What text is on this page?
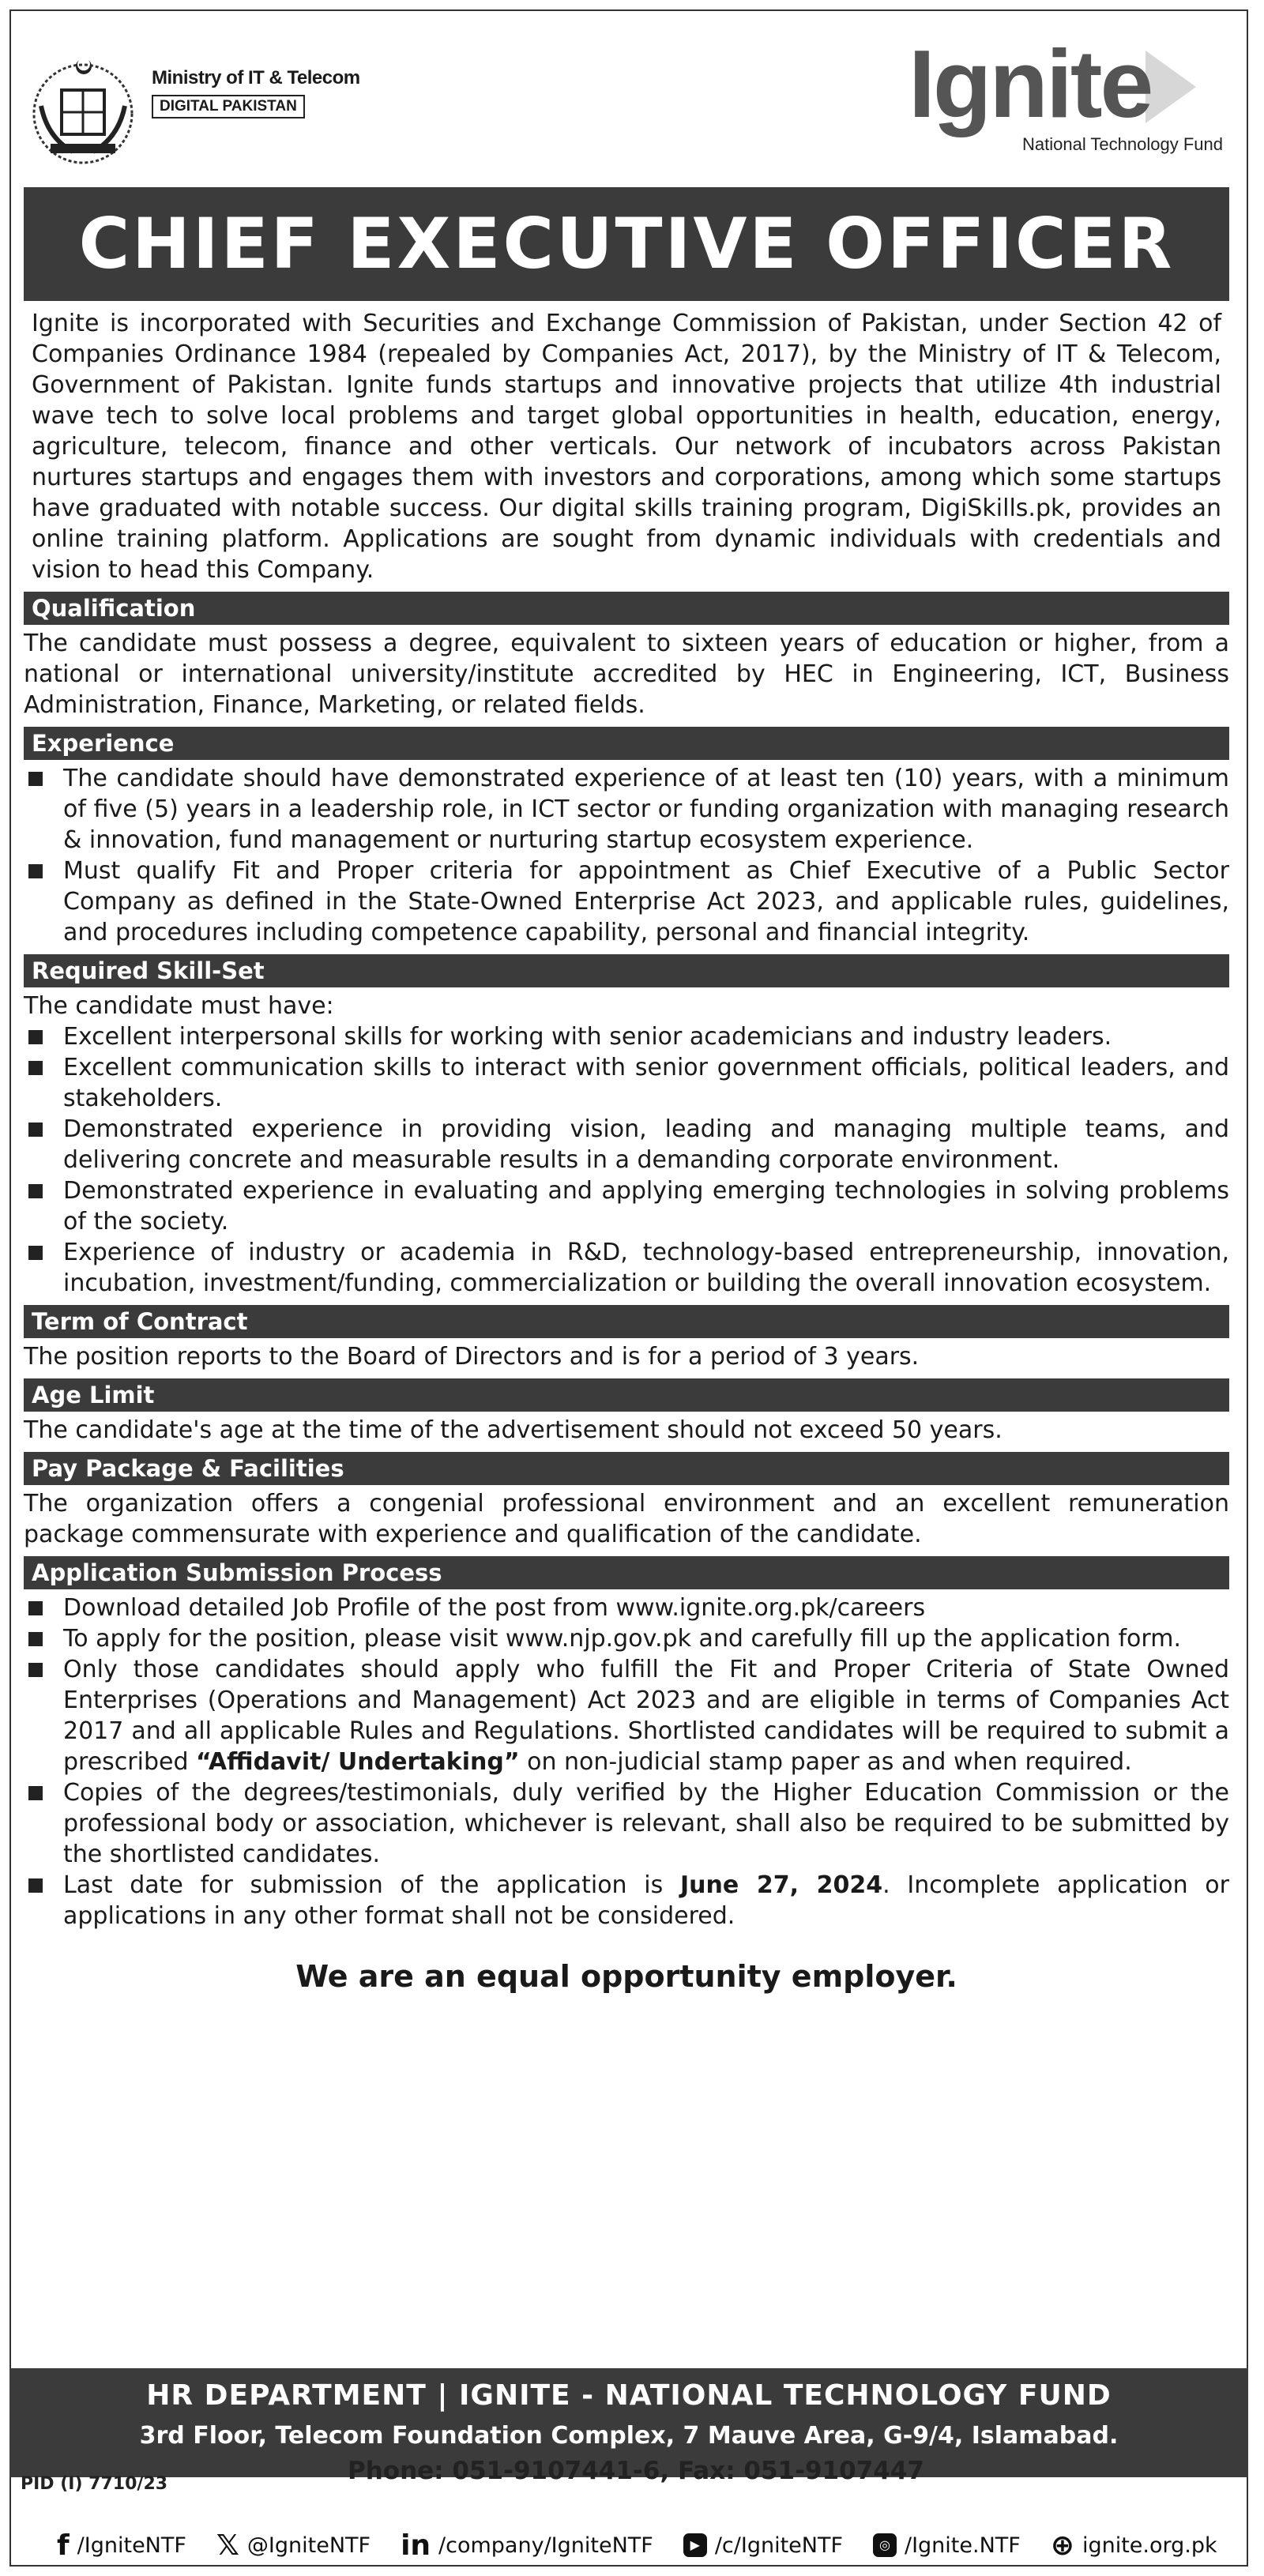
Ministry of IT & Telecom
DIGITAL PAKISTAN	Ignite
National Technology Fund
CHIEF EXECUTIVE OFFICER

Ignite is incorporated with Securities and Exchange Commission of Pakistan, under Section 42 of Companies Ordinance 1984 (repealed by Companies Act, 2017), by the Ministry of IT & Telecom, Government of Pakistan. Ignite funds startups and innovative projects that utilize 4th industrial wave tech to solve local problems and target global opportunities in health, education, energy, agriculture, telecom, finance and other verticals. Our network of incubators across Pakistan nurtures startups and engages them with investors and corporations, among which some startups have graduated with notable success. Our digital skills training program, DigiSkills.pk, provides an online training platform. Applications are sought from dynamic individuals with credentials and vision to head this Company.

Qualification

The candidate must possess a degree, equivalent to sixteen years of education or higher, from a national or international university/institute accredited by HEC in Engineering, ICT, Business Administration, Finance, Marketing, or related fields.

Experience
The candidate should have demonstrated experience of at least ten (10) years, with a minimum of five (5) years in a leadership role, in ICT sector or funding organization with managing research & innovation, fund management or nurturing startup ecosystem experience.
Must qualify Fit and Proper criteria for appointment as Chief Executive of a Public Sector Company as defined in the State-Owned Enterprise Act 2023, and applicable rules, guidelines, and procedures including competence capability, personal and financial integrity.
Required Skill-Set

The candidate must have:

Excellent interpersonal skills for working with senior academicians and industry leaders.
Excellent communication skills to interact with senior government officials, political leaders, and stakeholders.
Demonstrated experience in providing vision, leading and managing multiple teams, and delivering concrete and measurable results in a demanding corporate environment.
Demonstrated experience in evaluating and applying emerging technologies in solving problems of the society.
Experience of industry or academia in R&D, technology-based entrepreneurship, innovation, incubation, investment/funding, commercialization or building the overall innovation ecosystem.
Term of Contract

The position reports to the Board of Directors and is for a period of 3 years.

Age Limit

The candidate's age at the time of the advertisement should not exceed 50 years.

Pay Package & Facilities

The organization offers a congenial professional environment and an excellent remuneration package commensurate with experience and qualification of the candidate.

Application Submission Process
Download detailed Job Profile of the post from www.ignite.org.pk/careers
To apply for the position, please visit www.njp.gov.pk and carefully fill up the application form.
Only those candidates should apply who fulfill the Fit and Proper Criteria of State Owned Enterprises (Operations and Management) Act 2023 and are eligible in terms of Companies Act 2017 and all applicable Rules and Regulations. Shortlisted candidates will be required to submit a prescribed “Affidavit/ Undertaking” on non-judicial stamp paper as and when required.
Copies of the degrees/testimonials, duly verified by the Higher Education Commission or the professional body or association, whichever is relevant, shall also be required to be submitted by the shortlisted candidates.
Last date for submission of the application is June 27, 2024. Incomplete application or applications in any other format shall not be considered.
We are an equal opportunity employer.
HR DEPARTMENT | IGNITE - NATIONAL TECHNOLOGY FUND
3rd Floor, Telecom Foundation Complex, 7 Mauve Area, G-9/4, Islamabad.
PID (I) 7710/23	Phone: 051-9107441-6, Fax: 051-9107447
f /IgniteNTF 𝕏 @IgniteNTF in /company/IgniteNTF	▶ /c/IgniteNTF	◎ /Ignite.NTF ⊕ ignite.org.pk
